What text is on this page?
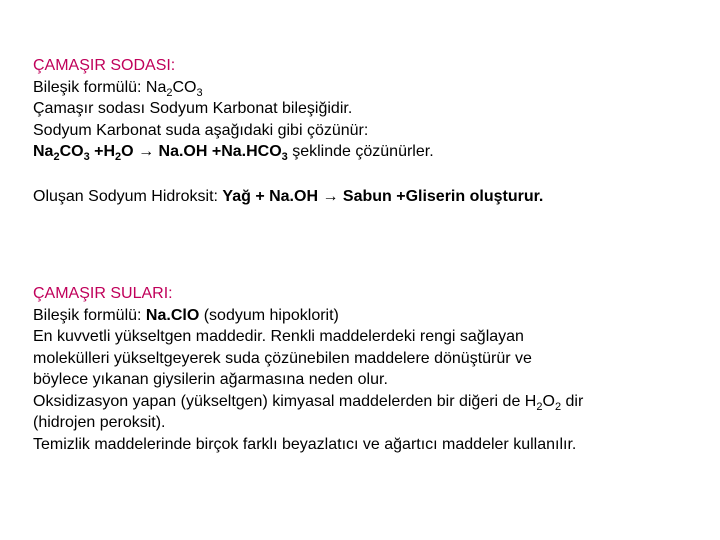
ÇAMAŞIR SODASI:
Bileşik formülü: $Na_2CO_3$
Çamaşır sodası Sodyum Karbonat bileşiğidir.
Sodyum Karbonat suda aşağıdaki gibi çözünür:
$Na_2CO_3 +H_2O \to Na.OH +Na.HCO_3$ şeklinde çözünürler.
Oluşan Sodyum Hidroksit: Yağ + Na.OH → Sabun +Gliserin oluşturur.
ÇAMAŞIR SULARI:
Bileşik formülü: Na.ClO (sodyum hipoklorit)
En kuvvetli yükseltgen maddedir. Renkli maddelerdeki rengi sağlayan
molekülleri yükseltgeyerek suda çözünebilen maddelere dönüştürür ve
böylece yıkanan giysilerin ağarmasına neden olur.
Oksidizasyon yapan (yükseltgen) kimyasal maddelerden bir diğeri de $H_2O_2$ dir
(hidrojen peroksit).
Temizlik maddelerinde birçok farklı beyazlatıcı ve ağartıcı maddeler kullanılır.
